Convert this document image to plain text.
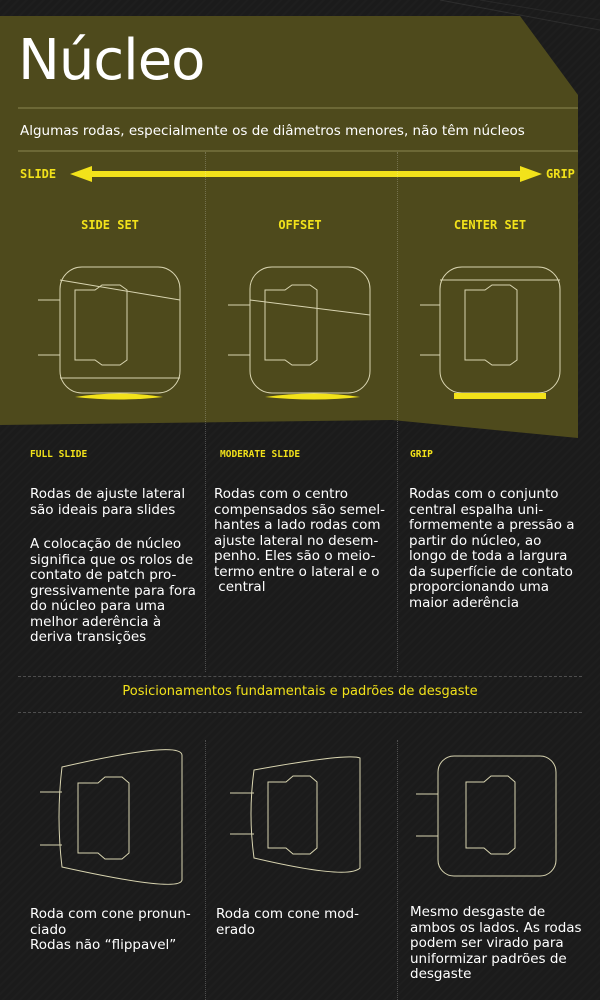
Núcleo
Algumas rodas, especialmente os de diâmetros menores, não têm núcleos
SLIDE	GRIP
SIDE SET	OFFSET	CENTER SET
FULL SLIDE	MODERATE SLIDE	GRIP
Rodas de ajuste lateral
são ideais para slides
A colocação de núcleo
significa que os rolos de
contato de patch pro-
gressivamente para fora
do núcleo para uma
melhor aderência à
deriva transições
Rodas com o centro
compensados são semel-
hantes a lado rodas com
ajuste lateral no desem-
penho. Eles são o meio-
termo entre o lateral e o
central
Rodas com o conjunto
central espalha uni-
formemente a pressão a
partir do núcleo, ao
longo de toda a largura
da superfície de contato
proporcionando uma
maior aderência
Posicionamentos fundamentais e padrões de desgaste
Roda com cone pronun-
ciado
Rodas não “flippavel”
Roda com cone mod-
erado
Mesmo desgaste de
ambos os lados. As rodas
podem ser virado para
uniformizar padrões de
desgaste
